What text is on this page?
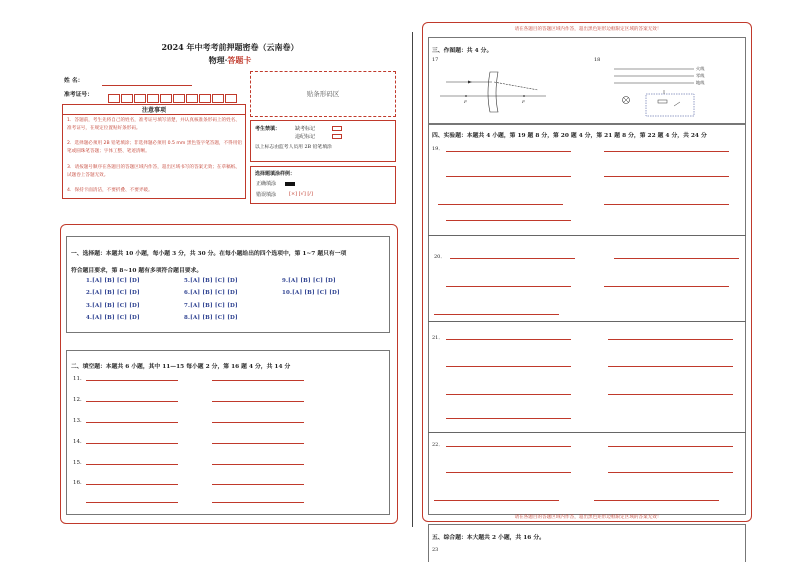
2024 年中考考前押题密卷（云南卷）
物理·答题卡
姓 名：
准考证号：
注意事项
1．答题前，考生先将自己的姓名，准考证号填写清楚，并认真核准条形码上的姓名、准考证号，在规定位置贴好条形码。
2．选择题必须用 2B 铅笔填涂；非选择题必须用 0.5 mm 黑色签字笔答题，不得用铅笔或圆珠笔答题；字体工整、笔迹清晰。
3．请按题号顺序在各题目的答题区域内作答，超出区域书写的答案无效；在草稿纸、试题卷上答题无效。
4．保持卡面清洁，不要折叠、不要弄破。
贴条形码区
考生禁填：	缺考标记
违纪标记
以上标志由监考人员用 2B 铅笔填涂
选择题填涂样例：
正确填涂
错误填涂	[×] [√] [/]
一、选择题：本题共 10 小题，每小题 3 分，共 30 分。在每小题给出的四个选项中，第 1~7 题只有一项
符合题目要求，第 8~10 题有多项符合题目要求。
1.[A] [B] [C] [D]	5.[A] [B] [C] [D]	9.[A] [B] [C] [D]
2.[A] [B] [C] [D]	6.[A] [B] [C] [D]	10.[A] [B] [C] [D]
3.[A] [B] [C] [D]	7.[A] [B] [C] [D]
4.[A] [B] [C] [D]	8.[A] [B] [C] [D]
二、填空题：本题共 6 小题，其中 11—15 每小题 2 分，第 16 题 4 分，共 14 分
11．
12．
13．
14．
15．
16．
请在各题目的答题区域内作答，超出黑色矩形边框限定区域的答案无效！
三、作图题：共 4 分。
17	18
F	F
火线
零线
地线
四、实验题：本题共 4 小题，第 19 题 8 分，第 20 题 4 分，第 21 题 8 分，第 22 题 4 分，共 24 分
19．
20．
21．
22．
请在各题目的答题区域内作答，超出黑色矩形边框限定区域的答案无效！
五、综合题：本大题共 2 小题，共 16 分。
23
